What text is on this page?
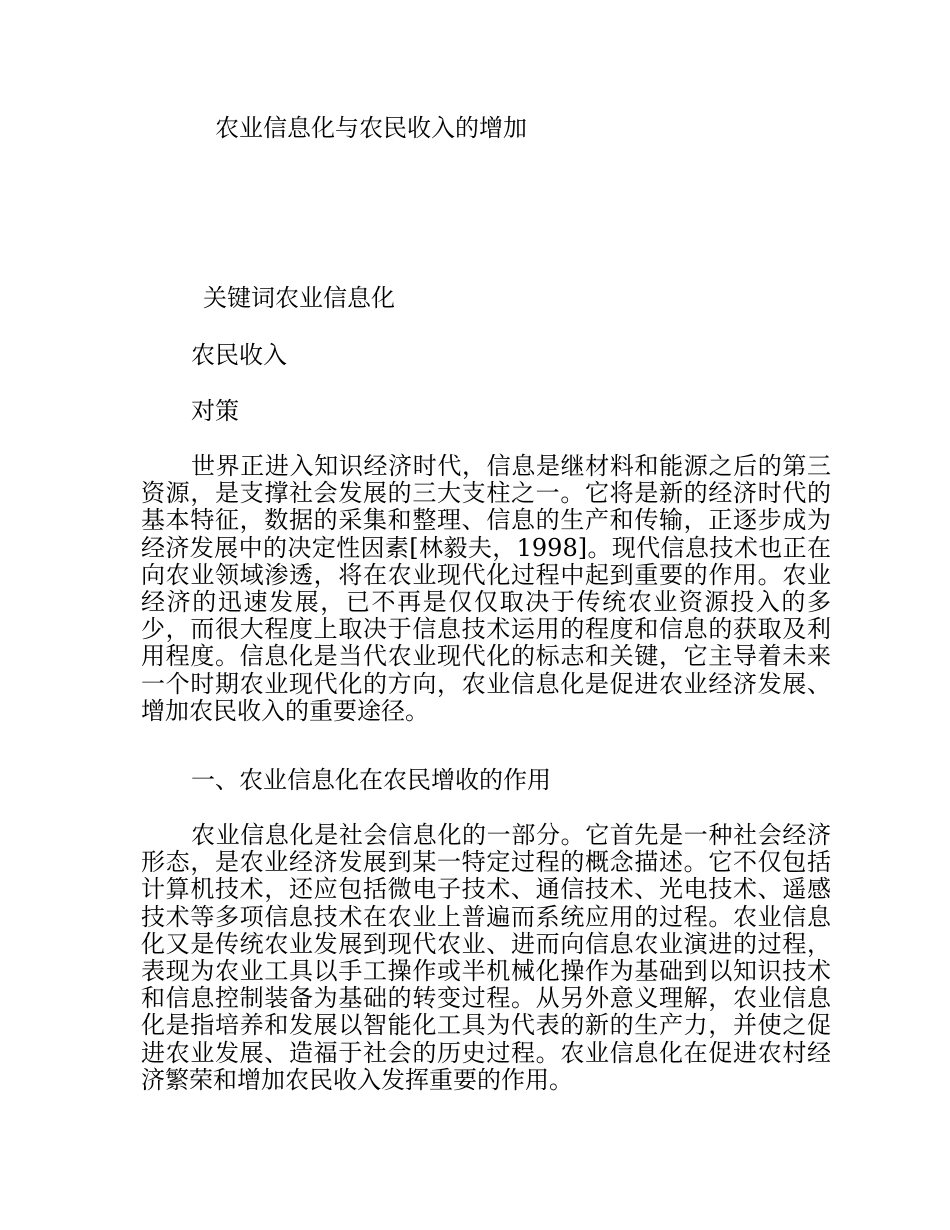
农业信息化与农民收入的增加
关键词农业信息化
农民收入
对策

世界正进入知识经济时代，信息是继材料和能源之后的第三资源，是支撑社会发展的三大支柱之一。它将是新的经济时代的基本特征，数据的采集和整理、信息的生产和传输，正逐步成为经济发展中的决定性因素[林毅夫，1998]。现代信息技术也正在向农业领域渗透，将在农业现代化过程中起到重要的作用。农业经济的迅速发展，已不再是仅仅取决于传统农业资源投入的多少，而很大程度上取决于信息技术运用的程度和信息的获取及利用程度。信息化是当代农业现代化的标志和关键，它主导着未来一个时期农业现代化的方向，农业信息化是促进农业经济发展、增加农民收入的重要途径。

一、农业信息化在农民增收的作用

农业信息化是社会信息化的一部分。它首先是一种社会经济形态，是农业经济发展到某一特定过程的概念描述。它不仅包括计算机技术，还应包括微电子技术、通信技术、光电技术、遥感技术等多项信息技术在农业上普遍而系统应用的过程。农业信息化又是传统农业发展到现代农业、进而向信息农业演进的过程，表现为农业工具以手工操作或半机械化操作为基础到以知识技术和信息控制装备为基础的转变过程。从另外意义理解，农业信息化是指培养和发展以智能化工具为代表的新的生产力，并使之促进农业发展、造福于社会的历史过程。农业信息化在促进农村经济繁荣和增加农民收入发挥重要的作用。
